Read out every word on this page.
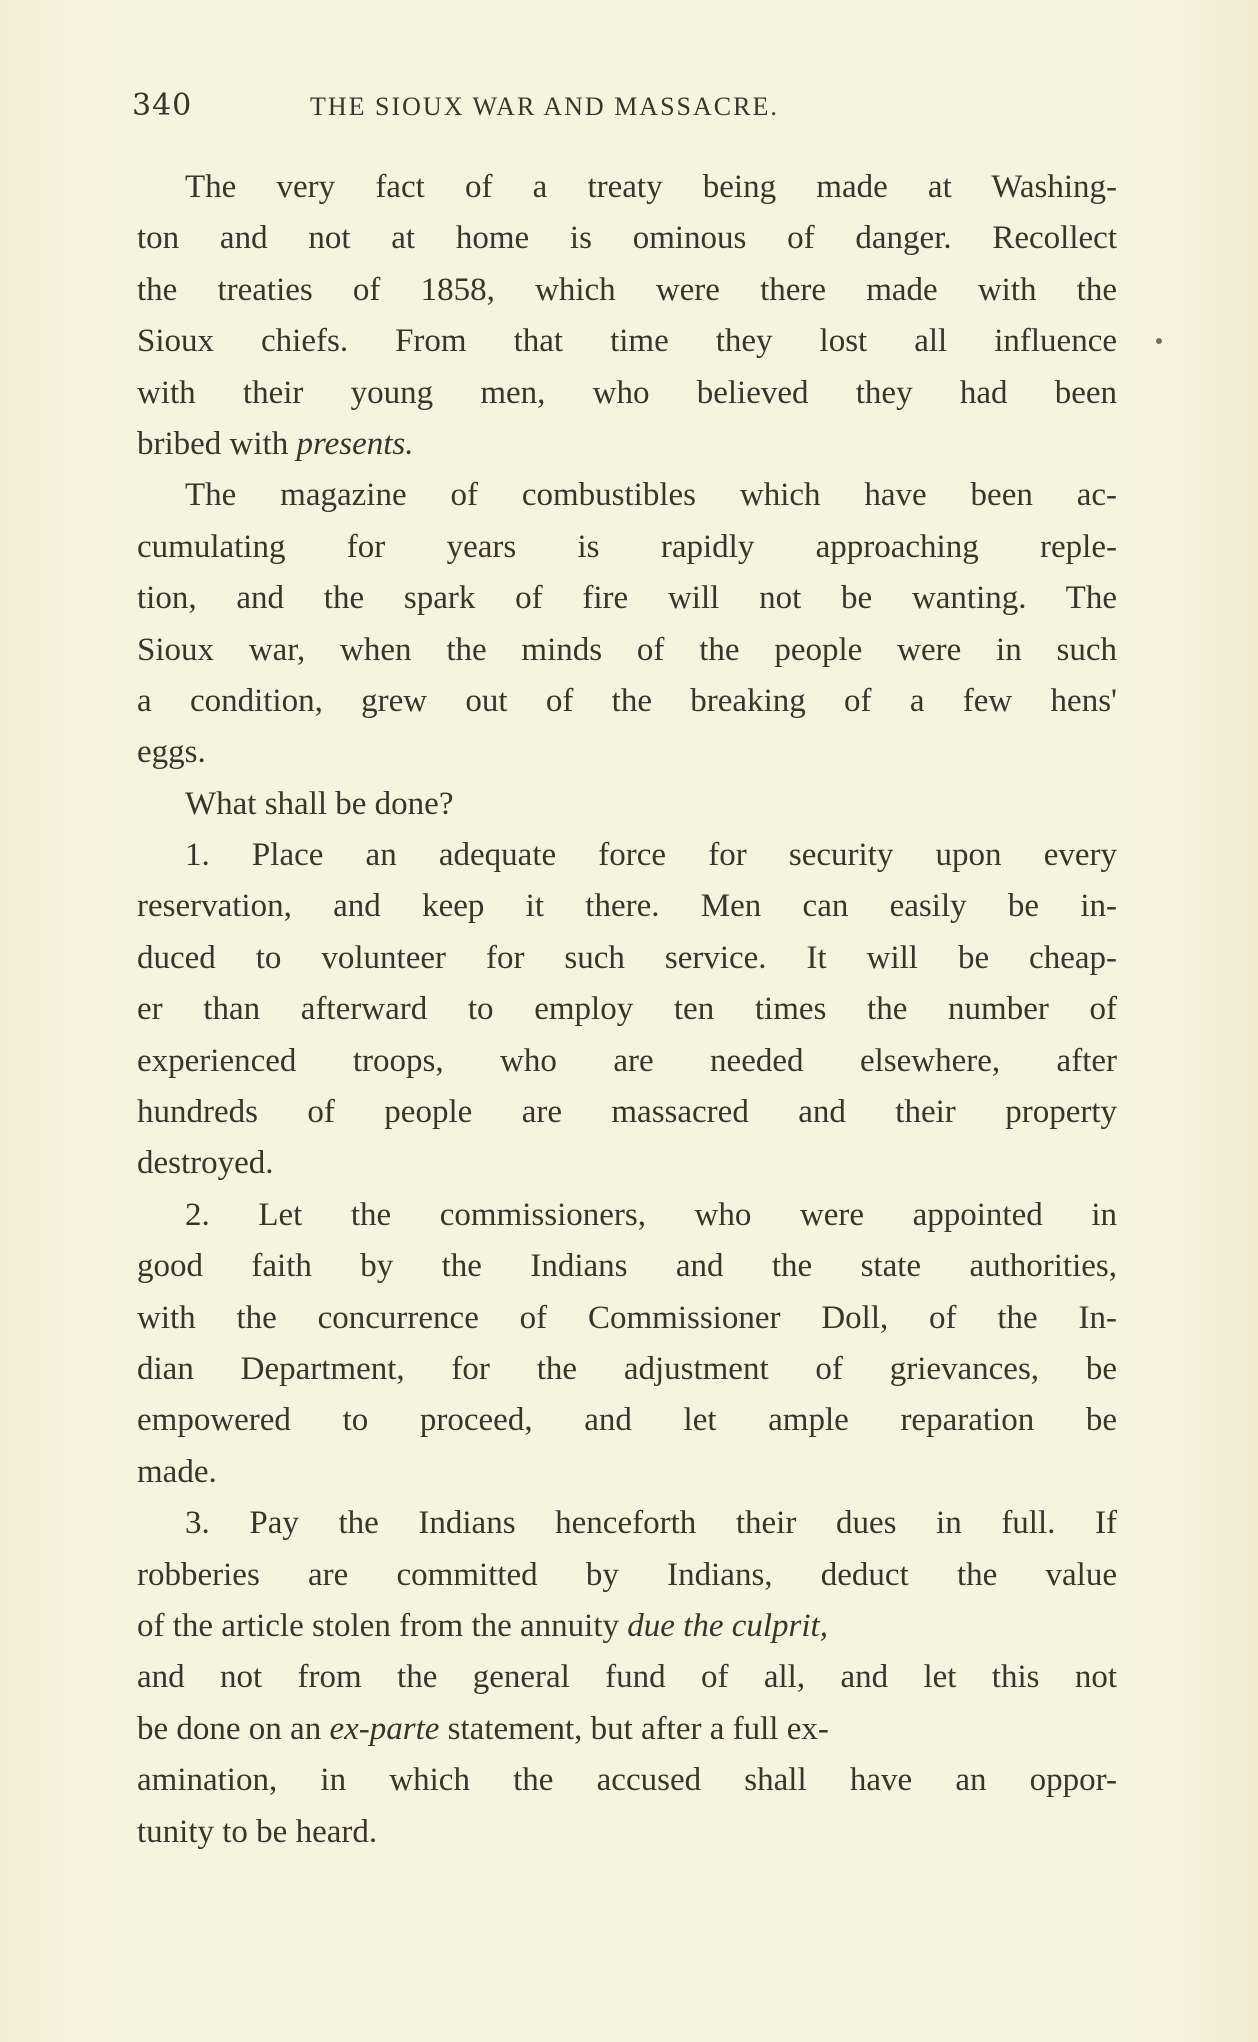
340	THE SIOUX WAR AND MASSACRE.
The very fact of a treaty being made at Washing-
ton and not at home is ominous of danger. Recollect
the treaties of 1858, which were there made with the
Sioux chiefs. From that time they lost all influence
with their young men, who believed they had been
bribed with presents.
The magazine of combustibles which have been ac-
cumulating for years is rapidly approaching reple-
tion, and the spark of fire will not be wanting. The
Sioux war, when the minds of the people were in such
a condition, grew out of the breaking of a few hens'
eggs.
What shall be done?
1. Place an adequate force for security upon every
reservation, and keep it there. Men can easily be in-
duced to volunteer for such service. It will be cheap-
er than afterward to employ ten times the number of
experienced troops, who are needed elsewhere, after
hundreds of people are massacred and their property
destroyed.
2. Let the commissioners, who were appointed in
good faith by the Indians and the state authorities,
with the concurrence of Commissioner Doll, of the In-
dian Department, for the adjustment of grievances, be
empowered to proceed, and let ample reparation be
made.
3. Pay the Indians henceforth their dues in full. If
robberies are committed by Indians, deduct the value
of the article stolen from the annuity due the culprit,
and not from the general fund of all, and let this not
be done on an ex-parte statement, but after a full ex-
amination, in which the accused shall have an oppor-
tunity to be heard.
